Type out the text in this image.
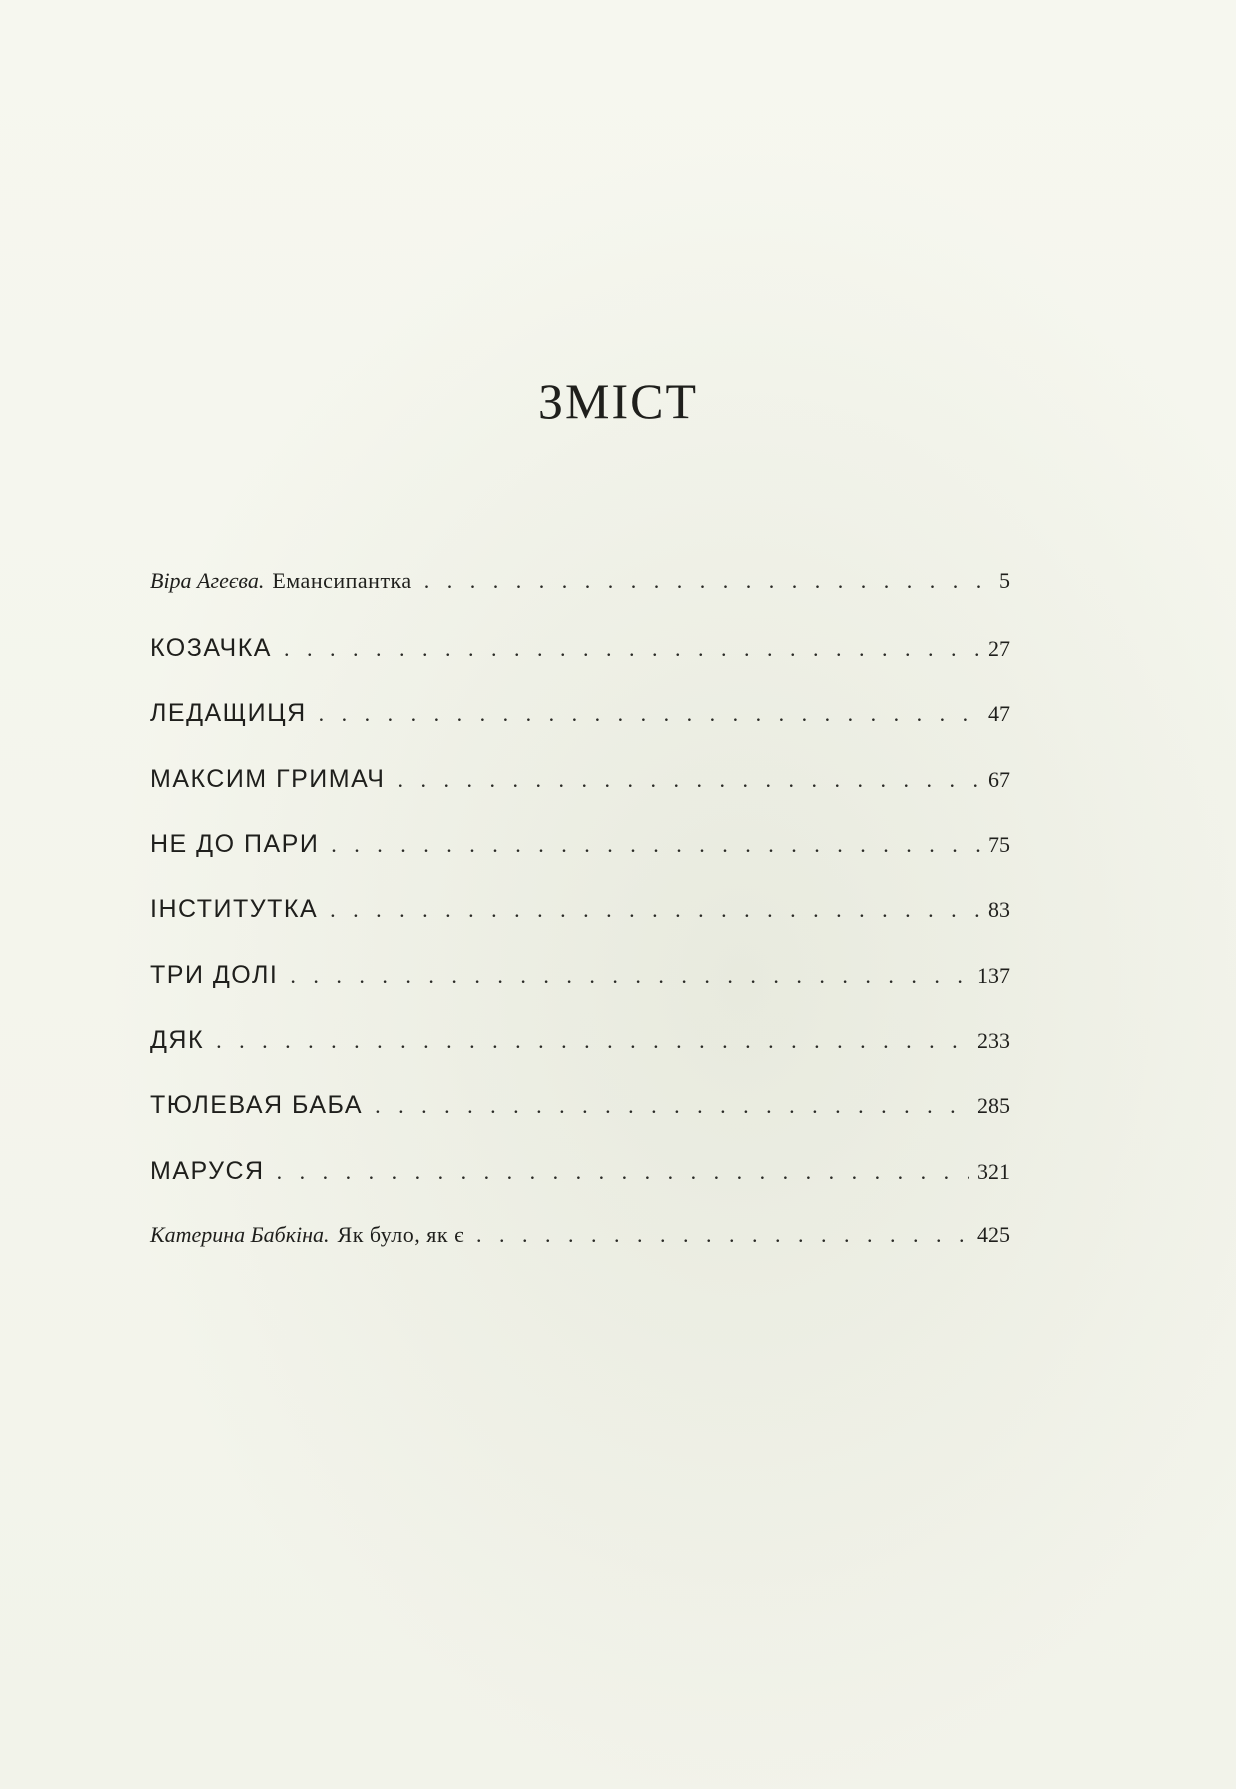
ЗМІСТ
Віра Агеєва. Емансипантка . . .	5
КОЗАЧКА . . .	27
ЛЕДАЩИЦЯ . . .	47
МАКСИМ ГРИМАЧ . . .	67
НЕ ДО ПАРИ . . .	75
ІНСТИТУТКА . . .	83
ТРИ ДОЛІ . . .	137
ДЯК . . .	233
ТЮЛЕВАЯ БАБА . . .	285
МАРУСЯ . . .	321
Катерина Бабкіна. Як було, як є . . .	425
